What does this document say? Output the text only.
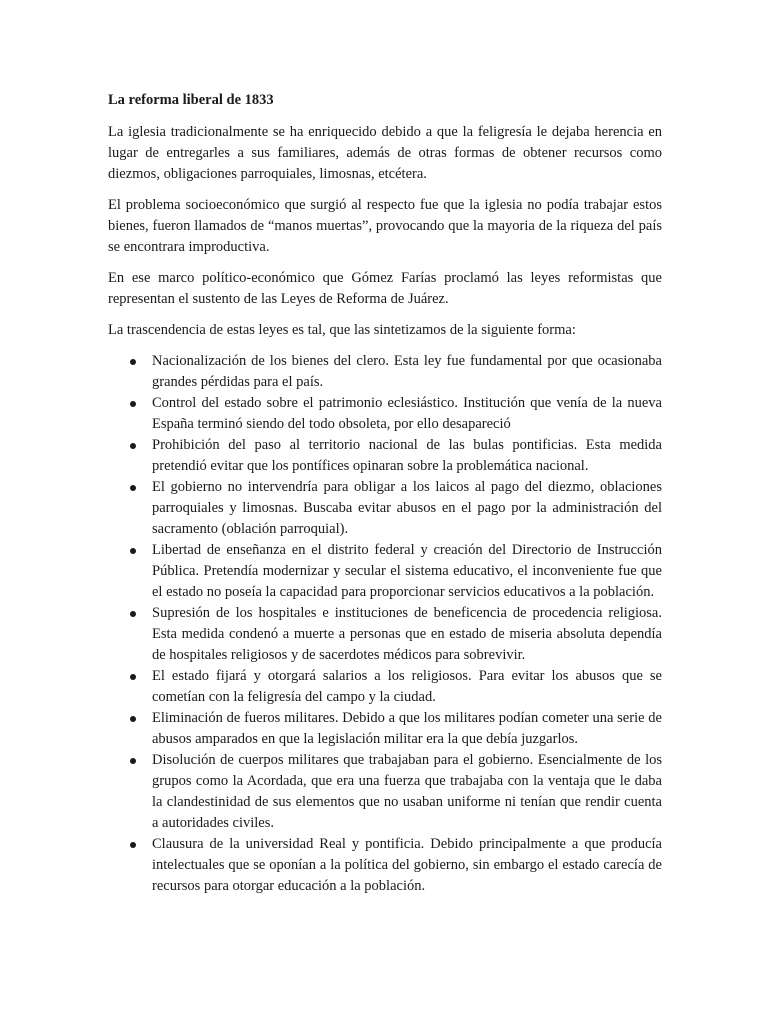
La reforma liberal de 1833

La iglesia tradicionalmente se ha enriquecido debido a que la feligresía le dejaba herencia en lugar de entregarles a sus familiares, además de otras formas de obtener recursos como diezmos, obligaciones parroquiales, limosnas, etcétera.

El problema socioeconómico que surgió al respecto fue que la iglesia no podía trabajar estos bienes, fueron llamados de “manos muertas”, provocando que la mayoria de la riqueza del país se encontrara improductiva.

En ese marco político-económico que Gómez Farías proclamó las leyes reformistas que representan el sustento de las Leyes de Reforma de Juárez.

La trascendencia de estas leyes es tal, que las sintetizamos de la siguiente forma:

Nacionalización de los bienes del clero. Esta ley fue fundamental por que ocasionaba grandes pérdidas para el país.
Control del estado sobre el patrimonio eclesiástico. Institución que venía de la nueva España terminó siendo del todo obsoleta, por ello desapareció
Prohibición del paso al territorio nacional de las bulas pontificias. Esta medida pretendió evitar que los pontífices opinaran sobre la problemática nacional.
El gobierno no intervendría para obligar a los laicos al pago del diezmo, oblaciones parroquiales y limosnas. Buscaba evitar abusos en el pago por la administración del sacramento (oblación parroquial).
Libertad de enseñanza en el distrito federal y creación del Directorio de Instrucción Pública. Pretendía modernizar y secular el sistema educativo, el inconveniente fue que el estado no poseía la capacidad para proporcionar servicios educativos a la población.
Supresión de los hospitales e instituciones de beneficencia de procedencia religiosa. Esta medida condenó a muerte a personas que en estado de miseria absoluta dependía de hospitales religiosos y de sacerdotes médicos para sobrevivir.
El estado fijará y otorgará salarios a los religiosos. Para evitar los abusos que se cometían con la feligresía del campo y la ciudad.
Eliminación de fueros militares. Debido a que los militares podían cometer una serie de abusos amparados en que la legislación militar era la que debía juzgarlos.
Disolución de cuerpos militares que trabajaban para el gobierno. Esencialmente de los grupos como la Acordada, que era una fuerza que trabajaba con la ventaja que le daba la clandestinidad de sus elementos que no usaban uniforme ni tenían que rendir cuenta a autoridades civiles.
Clausura de la universidad Real y pontificia. Debido principalmente a que producía intelectuales que se oponían a la política del gobierno, sin embargo el estado carecía de recursos para otorgar educación a la población.
